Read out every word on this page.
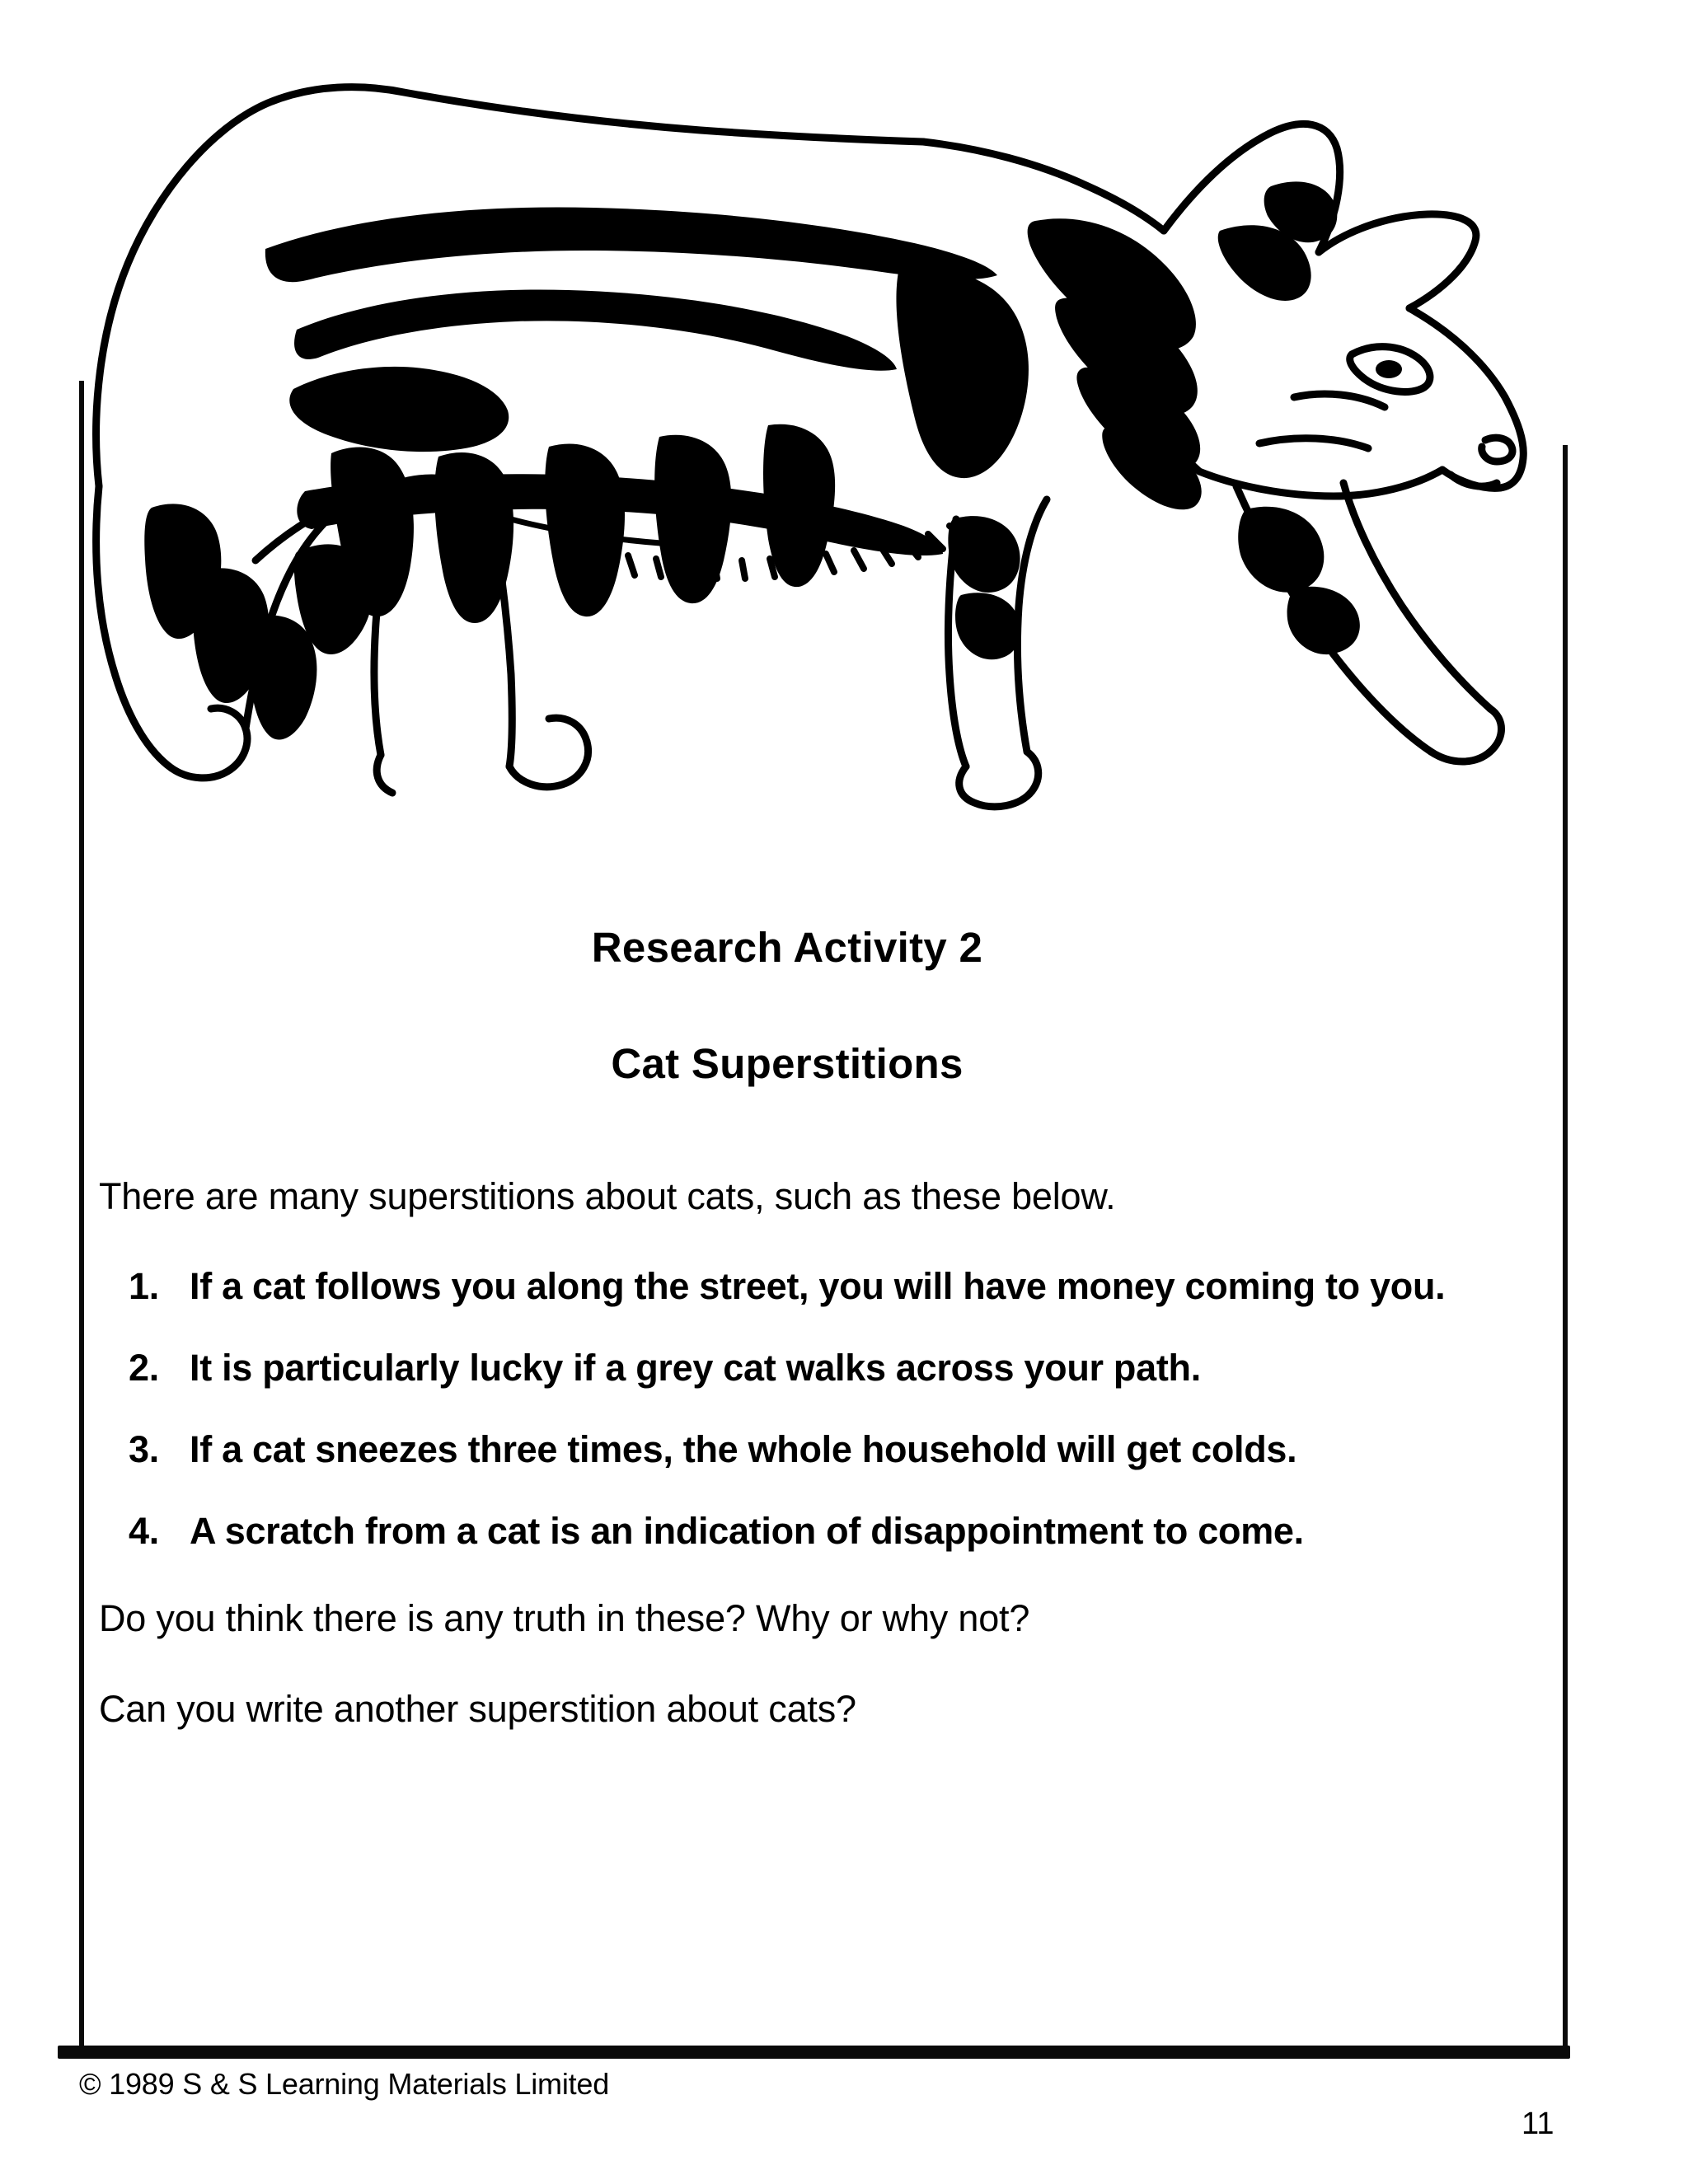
Research Activity 2
Cat Superstitions

There are many superstitions about cats, such as these below.

1. If a cat follows you along the street, you will have money coming to you.
2. It is particularly lucky if a grey cat walks across your path.
3. If a cat sneezes three times, the whole household will get colds.
4. A scratch from a cat is an indication of disappointment to come.

Do you think there is any truth in these? Why or why not?

Can you write another superstition about cats?

© 1989 S & S Learning Materials Limited
11
